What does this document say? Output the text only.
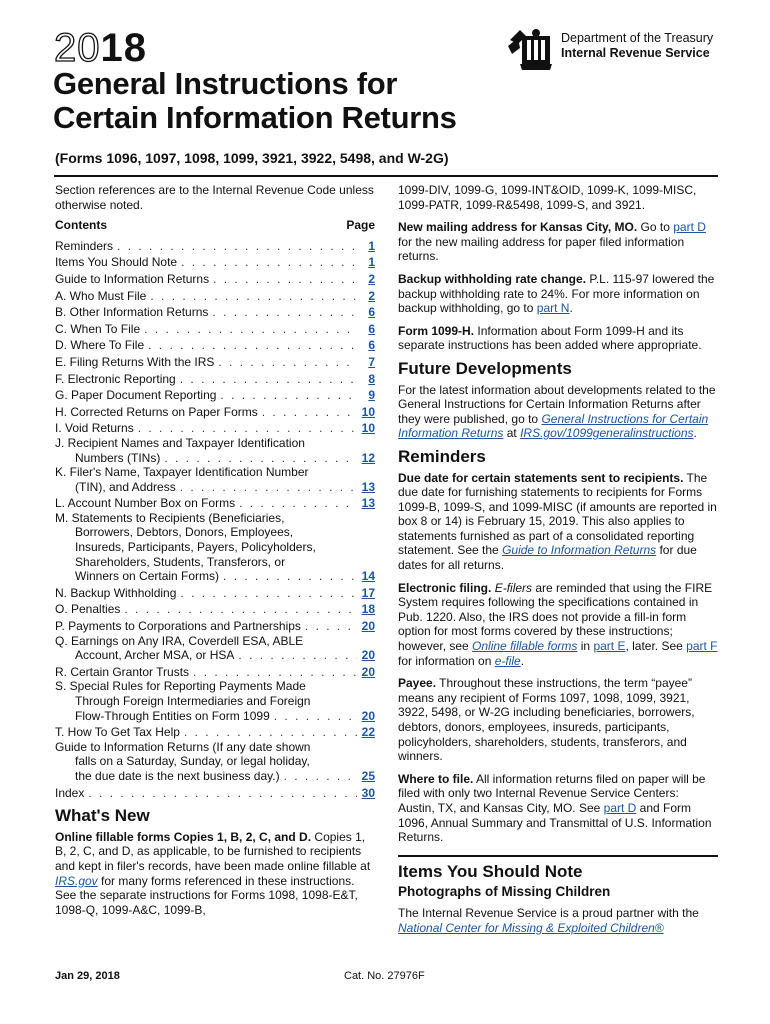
2018	Department of the Treasury
Internal Revenue Service
General Instructions for
Certain Information Returns
(Forms 1096, 1097, 1098, 1099, 3921, 3922, 5498, and W-2G)

Section references are to the Internal Revenue Code unless otherwise noted.

Contents	Page
Reminders . . .	1
Items You Should Note . . .	1
Guide to Information Returns . . .	2
A. Who Must File . . .	2
B. Other Information Returns . . .	6
C. When To File . . .	6
D. Where To File . . .	6
E. Filing Returns With the IRS . . .	7
F. Electronic Reporting . . .	8
G. Paper Document Reporting . . .	9
H. Corrected Returns on Paper Forms . . .	10
I. Void Returns . . .	10
J. Recipient Names and Taxpayer Identification
Numbers (TINs) . . .	12
K. Filer's Name, Taxpayer Identification Number
(TIN), and Address . . .	13
L. Account Number Box on Forms . . .	13
M. Statements to Recipients (Beneficiaries,
Borrowers, Debtors, Donors, Employees,
Insureds, Participants, Payers, Policyholders,
Shareholders, Students, Transferors, or
Winners on Certain Forms) . . .	14
N. Backup Withholding . . .	17
O. Penalties . . .	18
P. Payments to Corporations and Partnerships . . .	20
Q. Earnings on Any IRA, Coverdell ESA, ABLE
Account, Archer MSA, or HSA . . .	20
R. Certain Grantor Trusts . . .	20
S. Special Rules for Reporting Payments Made
Through Foreign Intermediaries and Foreign
Flow-Through Entities on Form 1099 . . .	20
T. How To Get Tax Help . . .	22
Guide to Information Returns (If any date shown
falls on a Saturday, Sunday, or legal holiday,
the due date is the next business day.) . . .	25
Index . . .	30
What's New

Online fillable forms Copies 1, B, 2, C, and D. Copies 1, B, 2, C, and D, as applicable, to be furnished to recipients and kept in filer's records, have been made online fillable at IRS.gov for many forms referenced in these instructions. See the separate instructions for Forms 1098, 1098-E&T, 1098-Q, 1099-A&C, 1099-B,

1099-DIV, 1099-G, 1099-INT&OID, 1099-K, 1099-MISC, 1099-PATR, 1099-R&5498, 1099-S, and 3921.

New mailing address for Kansas City, MO. Go to part D for the new mailing address for paper filed information returns.

Backup withholding rate change. P.L. 115-97 lowered the backup withholding rate to 24%. For more information on backup withholding, go to part N.

Form 1099-H. Information about Form 1099-H and its separate instructions has been added where appropriate.

Future Developments

For the latest information about developments related to the General Instructions for Certain Information Returns after they were published, go to General Instructions for Certain Information Returns at IRS.gov/1099generalinstructions.

Reminders

Due date for certain statements sent to recipients. The due date for furnishing statements to recipients for Forms 1099-B, 1099-S, and 1099-MISC (if amounts are reported in box 8 or 14) is February 15, 2019. This also applies to statements furnished as part of a consolidated reporting statement. See the Guide to Information Returns for due dates for all returns.

Electronic filing. E-filers are reminded that using the FIRE System requires following the specifications contained in Pub. 1220. Also, the IRS does not provide a fill-in form option for most forms covered by these instructions; however, see Online fillable forms in part E, later. See part F for information on e-file.

Payee. Throughout these instructions, the term “payee” means any recipient of Forms 1097, 1098, 1099, 3921, 3922, 5498, or W-2G including beneficiaries, borrowers, debtors, donors, employees, insureds, participants, policyholders, shareholders, students, transferors, and winners.

Where to file. All information returns filed on paper will be filed with only two Internal Revenue Service Centers: Austin, TX, and Kansas City, MO. See part D and Form 1096, Annual Summary and Transmittal of U.S. Information Returns.

Items You Should Note
Photographs of Missing Children

The Internal Revenue Service is a proud partner with the National Center for Missing & Exploited Children®

Jan 29, 2018	Cat. No. 27976F
